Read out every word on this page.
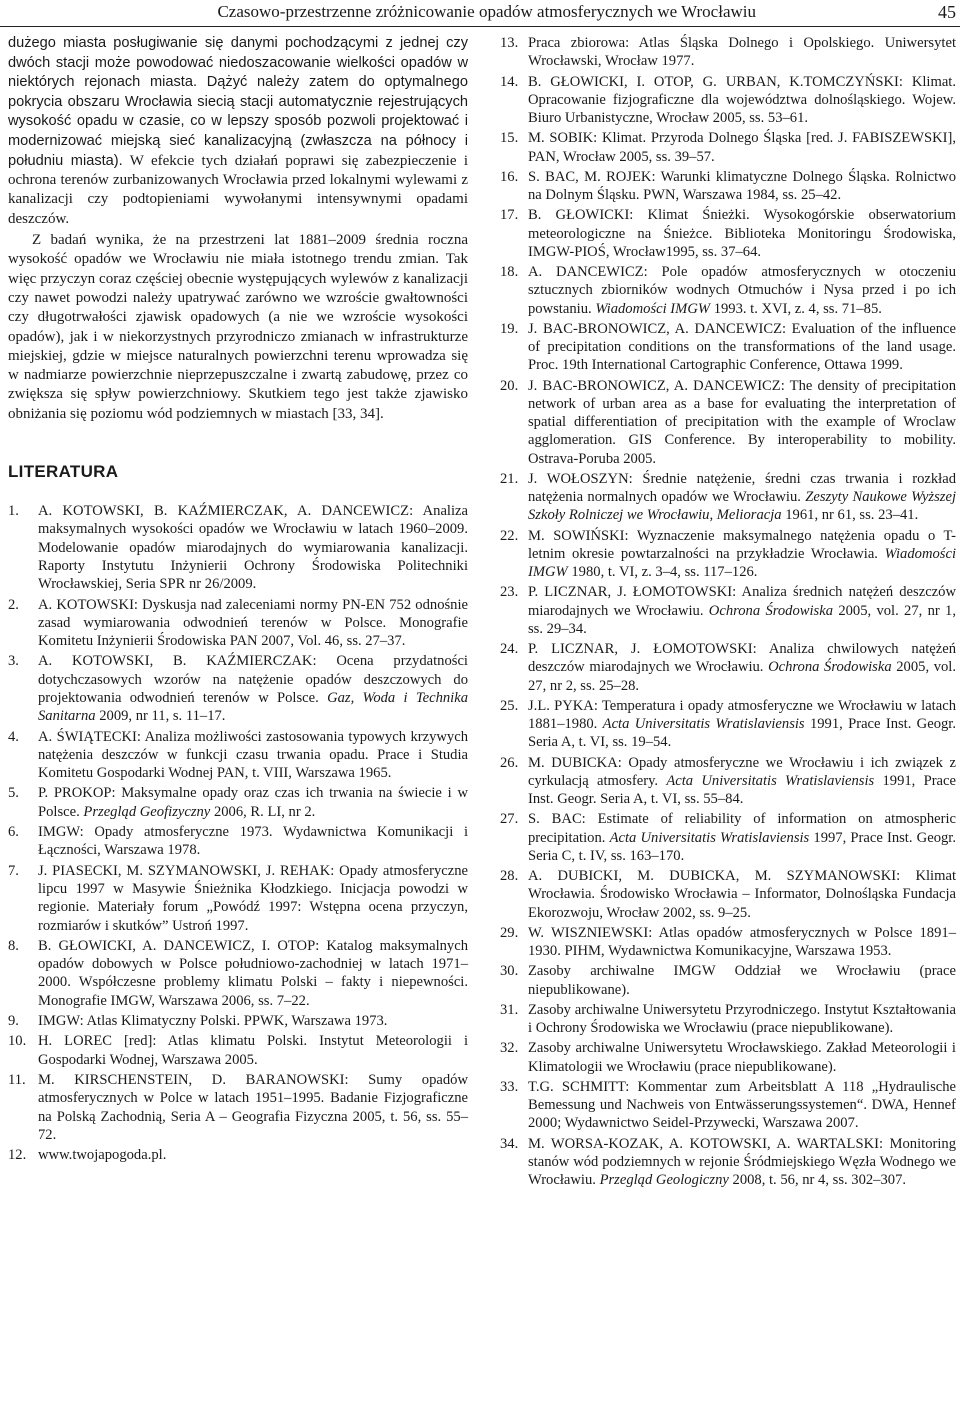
Czasowo-przestrzenne zróżnicowanie opadów atmosferycznych we Wrocławiu	45

dużego miasta posługiwanie się danymi pochodzącymi z jednej czy dwóch stacji może powodować niedoszacowanie wielkości opadów w niektórych rejonach miasta. Dążyć należy zatem do optymalnego pokrycia obszaru Wrocławia siecią stacji automatycznie rejestrujących wysokość opadu w czasie, co w lepszy sposób pozwoli projektować i modernizować miejską sieć kanalizacyjną (zwłaszcza na północy i południu miasta). W efekcie tych działań poprawi się zabezpieczenie i ochrona terenów zurbanizowanych Wrocławia przed lokalnymi wylewami z kanalizacji czy podtopieniami wywołanymi intensywnymi opadami deszczów.

Z badań wynika, że na przestrzeni lat 1881–2009 średnia roczna wysokość opadów we Wrocławiu nie miała istotnego trendu zmian. Tak więc przyczyn coraz częściej obecnie występujących wylewów z kanalizacji czy nawet powodzi należy upatrywać zarówno we wzroście gwałtowności czy długotrwałości zjawisk opadowych (a nie we wzroście wysokości opadów), jak i w niekorzystnych przyrodniczo zmianach w infrastrukturze miejskiej, gdzie w miejsce naturalnych powierzchni terenu wprowadza się w nadmiarze powierzchnie nieprzepuszczalne i zwartą zabudowę, przez co zwiększa się spływ powierzchniowy. Skutkiem tego jest także zjawisko obniżania się poziomu wód podziemnych w miastach [33, 34].

LITERATURA
1.	A. KOTOWSKI, B. KAŹMIERCZAK, A. DANCEWICZ: Analiza maksymalnych wysokości opadów we Wrocławiu w latach 1960–2009. Modelowanie opadów miarodajnych do wymiarowania kanalizacji. Raporty Instytutu Inżynierii Ochrony Środowiska Politechniki Wrocławskiej, Seria SPR nr 26/2009.
2.	A. KOTOWSKI: Dyskusja nad zaleceniami normy PN-EN 752 odnośnie zasad wymiarowania odwodnień terenów w Polsce. Monografie Komitetu Inżynierii Środowiska PAN 2007, Vol. 46, ss. 27–37.
3.	A. KOTOWSKI, B. KAŹMIERCZAK: Ocena przydatności dotychczasowych wzorów na natężenie opadów deszczowych do projektowania odwodnień terenów w Polsce. Gaz, Woda i Technika Sanitarna 2009, nr 11, s. 11–17.
4.	A. ŚWIĄTECKI: Analiza możliwości zastosowania typowych krzywych natężenia deszczów w funkcji czasu trwania opadu. Prace i Studia Komitetu Gospodarki Wodnej PAN, t. VIII, Warszawa 1965.
5.	P. PROKOP: Maksymalne opady oraz czas ich trwania na świecie i w Polsce. Przegląd Geofizyczny 2006, R. LI, nr 2.
6.	IMGW: Opady atmosferyczne 1973. Wydawnictwa Komunikacji i Łączności, Warszawa 1978.
7.	J. PIASECKI, M. SZYMANOWSKI, J. REHAK: Opady atmosferyczne lipcu 1997 w Masywie Śnieżnika Kłodzkiego. Inicjacja powodzi w regionie. Materiały forum „Powódź 1997: Wstępna ocena przyczyn, rozmiarów i skutków” Ustroń 1997.
8.	B. GŁOWICKI, A. DANCEWICZ, I. OTOP: Katalog maksymalnych opadów dobowych w Polsce południowo-zachodniej w latach 1971–2000. Współczesne problemy klimatu Polski – fakty i niepewności. Monografie IMGW, Warszawa 2006, ss. 7–22.
9.	IMGW: Atlas Klimatyczny Polski. PPWK, Warszawa 1973.
10. H. LOREC [red]: Atlas klimatu Polski. Instytut Meteorologii i Gospodarki Wodnej, Warszawa 2005.
11. M. KIRSCHENSTEIN, D. BARANOWSKI: Sumy opadów atmosferycznych w Polce w latach 1951–1995. Badanie Fizjograficzne na Polską Zachodnią, Seria A – Geografia Fizyczna 2005, t. 56, ss. 55–72.
12. www.twojapogoda.pl.
13. Praca zbiorowa: Atlas Śląska Dolnego i Opolskiego. Uniwersytet Wrocławski, Wrocław 1977.
14. B. GŁOWICKI, I. OTOP, G. URBAN, K.TOMCZYŃSKI: Klimat. Opracowanie fizjograficzne dla województwa dolnośląskiego. Wojew. Biuro Urbanistyczne, Wrocław 2005, ss. 53–61.
15. M. SOBIK: Klimat. Przyroda Dolnego Śląska [red. J. FABISZEWSKI], PAN, Wrocław 2005, ss. 39–57.
16. S. BAC, M. ROJEK: Warunki klimatyczne Dolnego Śląska. Rolnictwo na Dolnym Śląsku. PWN, Warszawa 1984, ss. 25–42.
17. B. GŁOWICKI: Klimat Śnieżki. Wysokogórskie obserwatorium meteorologiczne na Śnieżce. Biblioteka Monitoringu Środowiska, IMGW-PIOŚ, Wrocław1995, ss. 37–64.
18. A. DANCEWICZ: Pole opadów atmosferycznych w otoczeniu sztucznych zbiorników wodnych Otmuchów i Nysa przed i po ich powstaniu. Wiadomości IMGW 1993. t. XVI, z. 4, ss. 71–85.
19. J. BAC-BRONOWICZ, A. DANCEWICZ: Evaluation of the influence of precipitation conditions on the transformations of the land usage. Proc. 19th International Cartographic Conference, Ottawa 1999.
20. J. BAC-BRONOWICZ, A. DANCEWICZ: The density of precipitation network of urban area as a base for evaluating the interpretation of spatial differentiation of precipitation with the example of Wroclaw agglomeration. GIS Conference. By interoperability to mobility. Ostrava-Poruba 2005.
21. J. WOŁOSZYN: Średnie natężenie, średni czas trwania i rozkład natężenia normalnych opadów we Wrocławiu. Zeszyty Naukowe Wyższej Szkoły Rolniczej we Wrocławiu, Melioracja 1961, nr 61, ss. 23–41.
22. M. SOWIŃSKI: Wyznaczenie maksymalnego natężenia opadu o T-letnim okresie powtarzalności na przykładzie Wrocławia. Wiadomości IMGW 1980, t. VI, z. 3–4, ss. 117–126.
23. P. LICZNAR, J. ŁOMOTOWSKI: Analiza średnich natężeń deszczów miarodajnych we Wrocławiu. Ochrona Środowiska 2005, vol. 27, nr 1, ss. 29–34.
24. P. LICZNAR, J. ŁOMOTOWSKI: Analiza chwilowych natężeń deszczów miarodajnych we Wrocławiu. Ochrona Środowiska 2005, vol. 27, nr 2, ss. 25–28.
25. J.L. PYKA: Temperatura i opady atmosferyczne we Wrocławiu w latach 1881–1980. Acta Universitatis Wratislaviensis 1991, Prace Inst. Geogr. Seria A, t. VI, ss. 19–54.
26. M. DUBICKA: Opady atmosferyczne we Wrocławiu i ich związek z cyrkulacją atmosfery. Acta Universitatis Wratislaviensis 1991, Prace Inst. Geogr. Seria A, t. VI, ss. 55–84.
27. S. BAC: Estimate of reliability of information on atmospheric precipitation. Acta Universitatis Wratislaviensis 1997, Prace Inst. Geogr. Seria C, t. IV, ss. 163–170.
28. A. DUBICKI, M. DUBICKA, M. SZYMANOWSKI: Klimat Wrocławia. Środowisko Wrocławia – Informator, Dolnośląska Fundacja Ekorozwoju, Wrocław 2002, ss. 9–25.
29. W. WISZNIEWSKI: Atlas opadów atmosferycznych w Polsce 1891–1930. PIHM, Wydawnictwa Komunikacyjne, Warszawa 1953.
30. Zasoby archiwalne IMGW Oddział we Wrocławiu (prace niepublikowane).
31. Zasoby archiwalne Uniwersytetu Przyrodniczego. Instytut Kształtowania i Ochrony Środowiska we Wrocławiu (prace niepublikowane).
32. Zasoby archiwalne Uniwersytetu Wrocławskiego. Zakład Meteorologii i Klimatologii we Wrocławiu (prace niepublikowane).
33. T.G. SCHMITT: Kommentar zum Arbeitsblatt A 118 „Hydraulische Bemessung und Nachweis von Entwässerungssystemen“. DWA, Hennef 2000; Wydawnictwo Seidel-Przywecki, Warszawa 2007.
34. M. WORSA-KOZAK, A. KOTOWSKI, A. WARTALSKI: Monitoring stanów wód podziemnych w rejonie Śródmiejskiego Węzła Wodnego we Wrocławiu. Przegląd Geologiczny 2008, t. 56, nr 4, ss. 302–307.
